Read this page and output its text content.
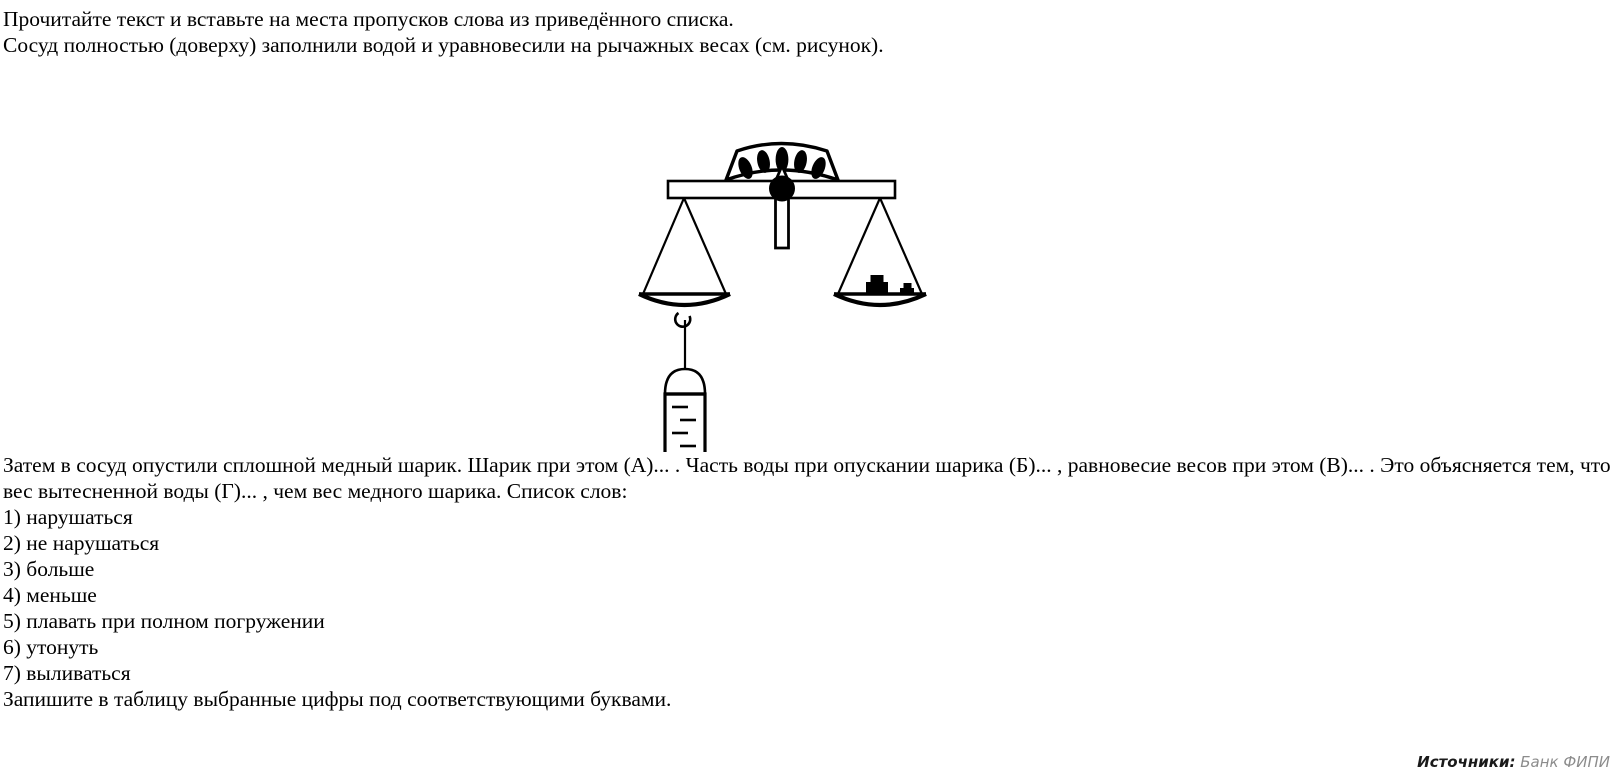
Прочитайте текст и вставьте на места пропусков слова из приведённого списка.
Сосуд полностью (доверху) заполнили водой и уравновесили на рычажных весах (см. рисунок).

Затем в сосуд опустили сплошной медный шарик. Шарик при этом (А)... . Часть воды при опускании шарика (Б)... , равновесие весов при этом (В)... . Это объясняется тем, что вес вытесненной воды (Г)... , чем вес медного шарика. Список слов:

1) нарушаться
2) не нарушаться
3) больше
4) меньше
5) плавать при полном погружении
6) утонуть
7) выливаться

Запишите в таблицу выбранные цифры под соответствующими буквами.

Источники: Банк ФИПИ
